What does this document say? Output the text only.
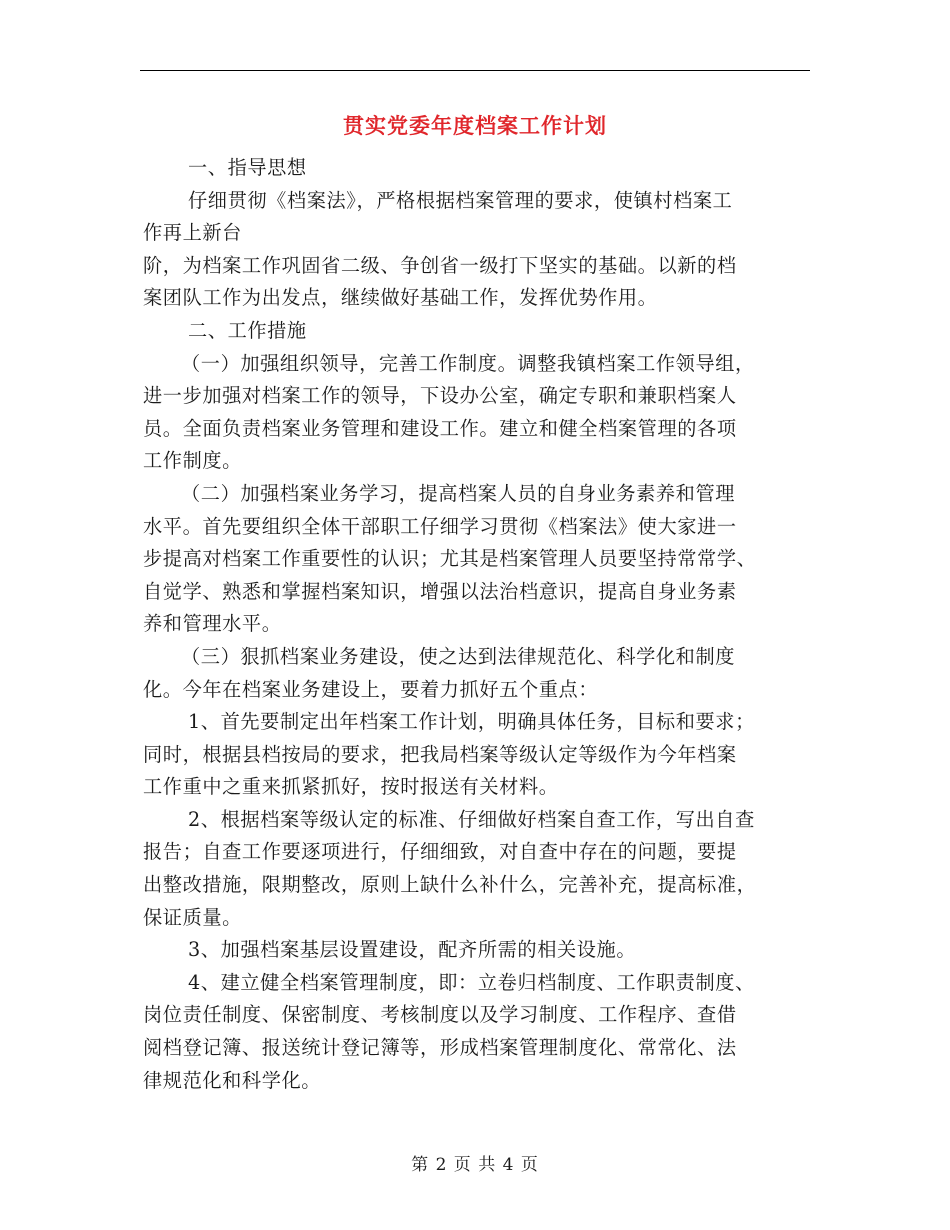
贯实党委年度档案工作计划

一、指导思想

仔细贯彻《档案法》，严格根据档案管理的要求，使镇村档案工

作再上新台

阶，为档案工作巩固省二级、争创省一级打下坚实的基础。以新的档

案团队工作为出发点，继续做好基础工作，发挥优势作用。

二、工作措施

（一）加强组织领导，完善工作制度。调整我镇档案工作领导组，

进一步加强对档案工作的领导，下设办公室，确定专职和兼职档案人

员。全面负责档案业务管理和建设工作。建立和健全档案管理的各项

工作制度。

（二）加强档案业务学习，提高档案人员的自身业务素养和管理

水平。首先要组织全体干部职工仔细学习贯彻《档案法》使大家进一

步提高对档案工作重要性的认识；尤其是档案管理人员要坚持常常学、

自觉学、熟悉和掌握档案知识，增强以法治档意识，提高自身业务素

养和管理水平。

（三）狠抓档案业务建设，使之达到法律规范化、科学化和制度

化。今年在档案业务建设上，要着力抓好五个重点：

1、首先要制定出年档案工作计划，明确具体任务，目标和要求；

同时，根据县档按局的要求，把我局档案等级认定等级作为今年档案

工作重中之重来抓紧抓好，按时报送有关材料。

2、根据档案等级认定的标准、仔细做好档案自查工作，写出自查

报告；自查工作要逐项进行，仔细细致，对自查中存在的问题，要提

出整改措施，限期整改，原则上缺什么补什么，完善补充，提高标准，

保证质量。

3、加强档案基层设置建设，配齐所需的相关设施。

4、建立健全档案管理制度，即：立卷归档制度、工作职责制度、

岗位责任制度、保密制度、考核制度以及学习制度、工作程序、查借

阅档登记簿、报送统计登记簿等，形成档案管理制度化、常常化、法

律规范化和科学化。

第 2 页 共 4 页
